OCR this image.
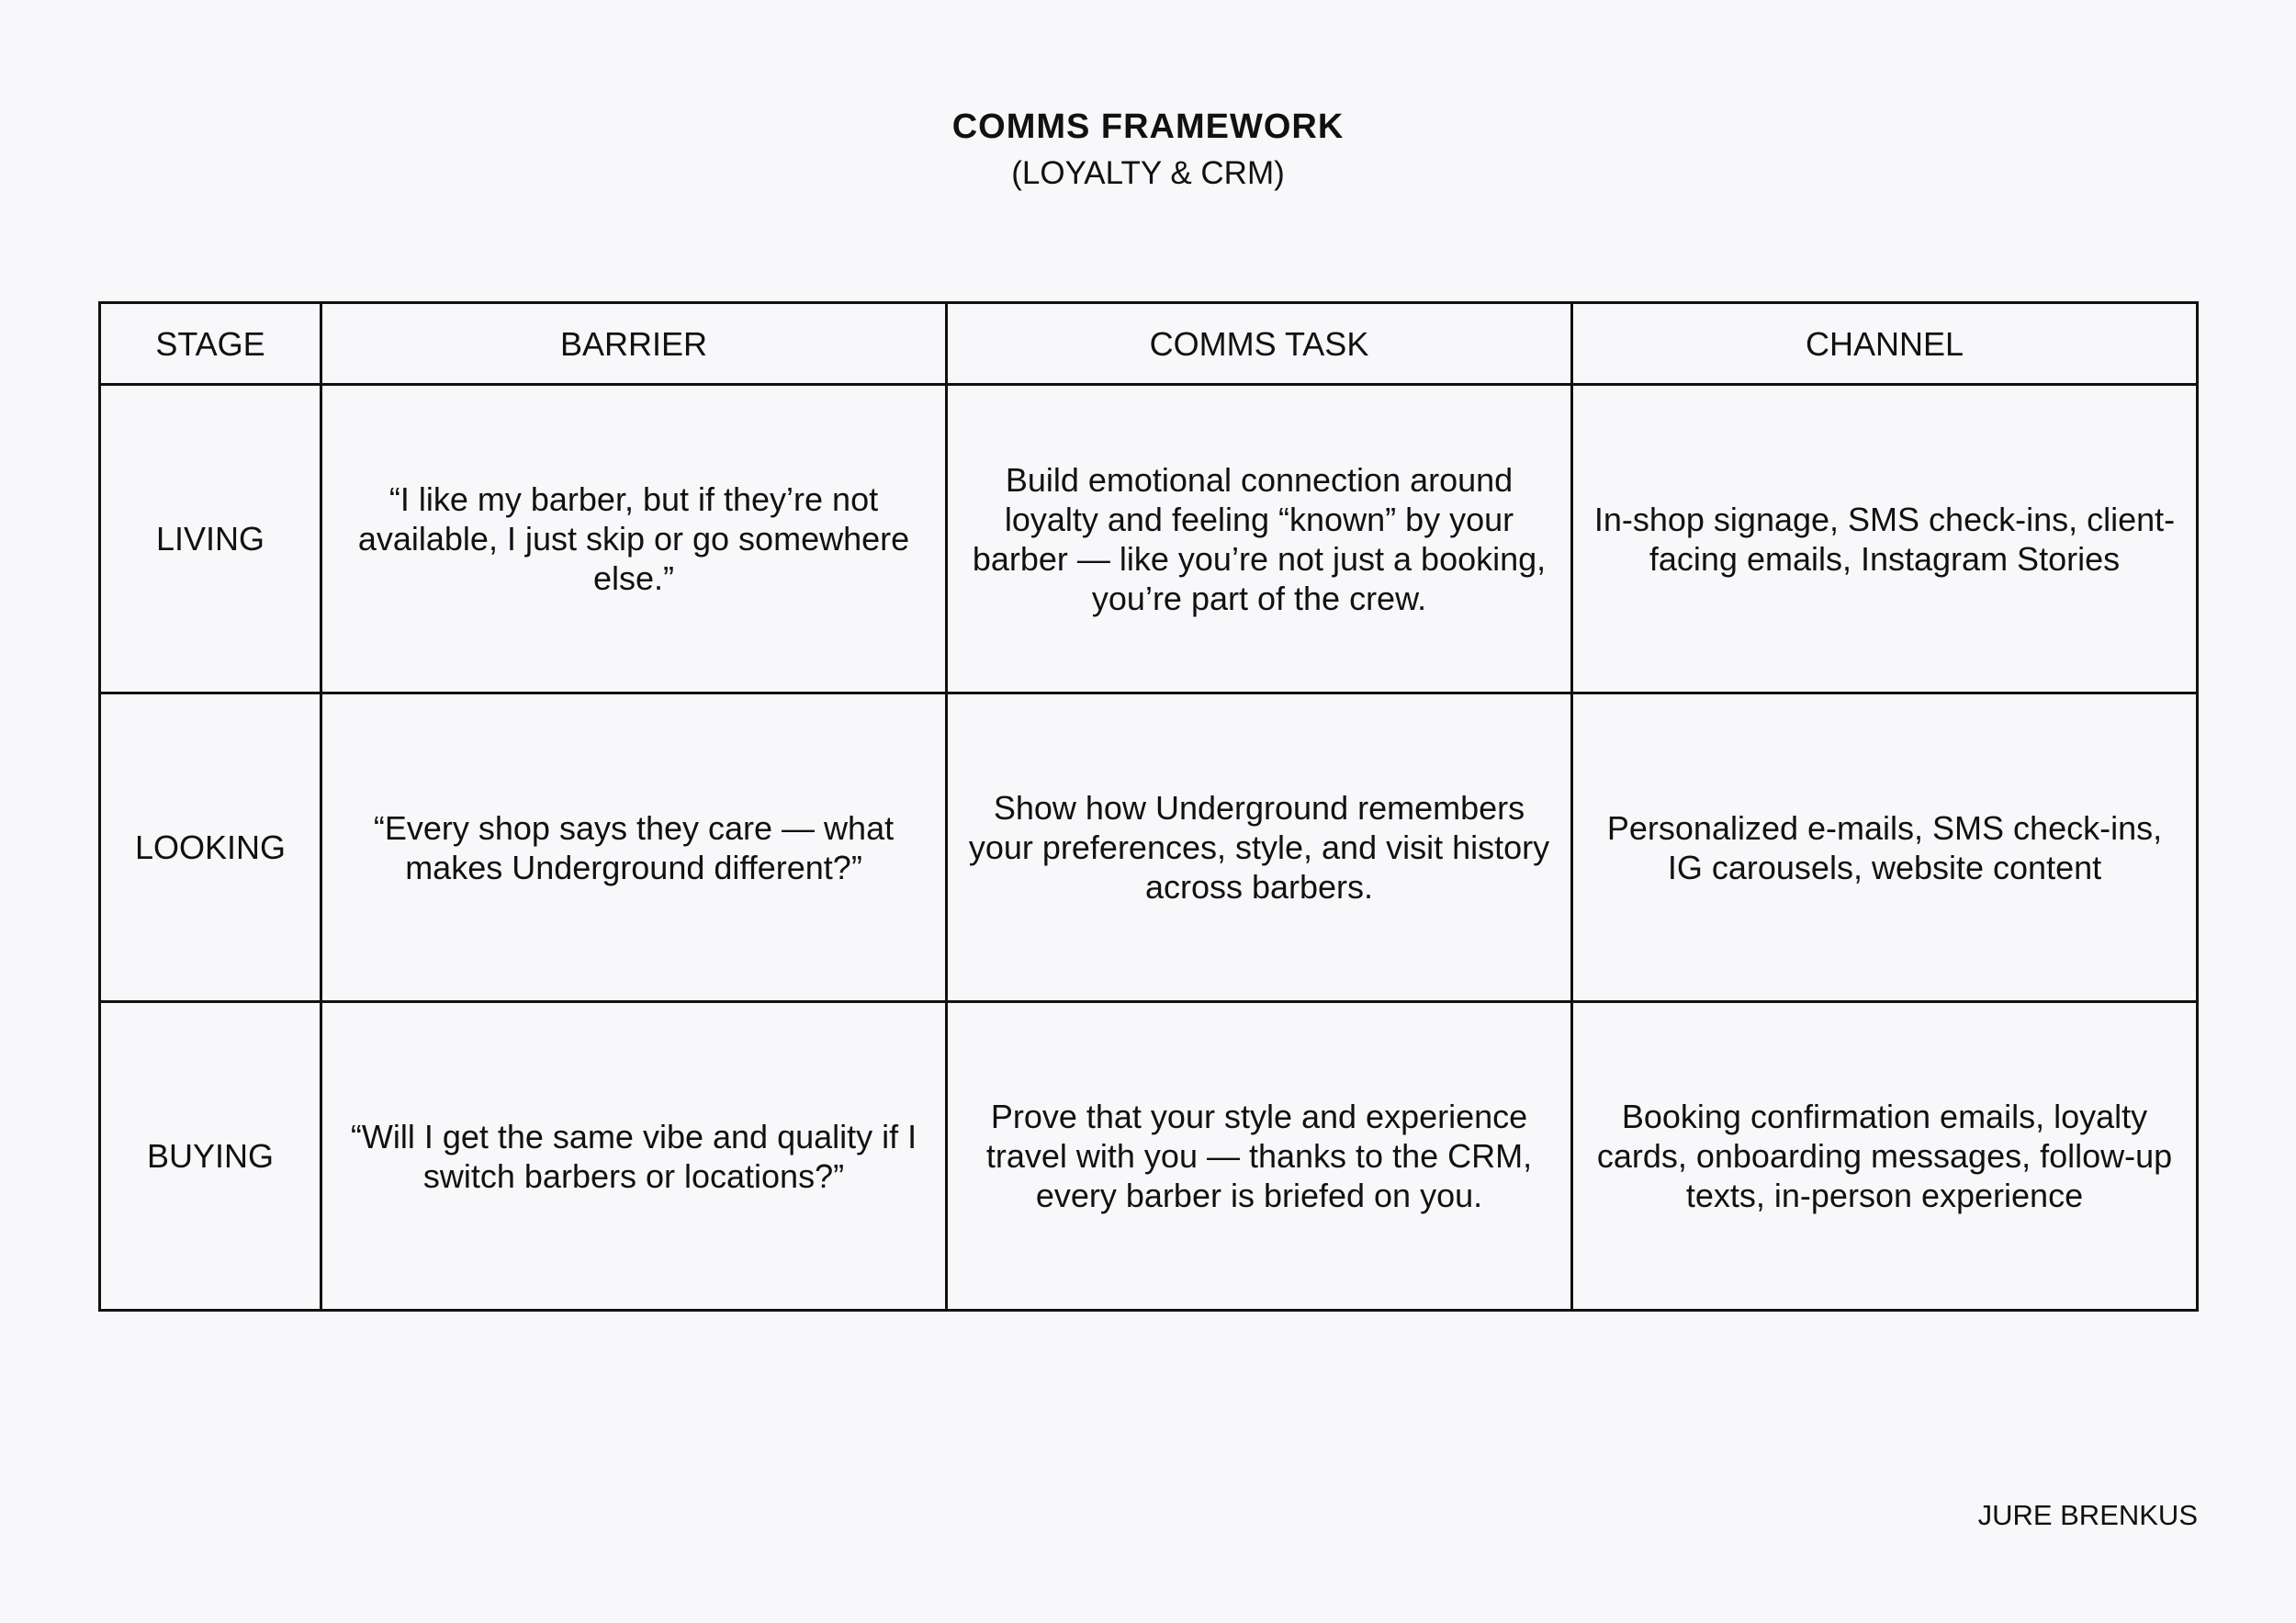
COMMS FRAMEWORK
(LOYALTY & CRM)
STAGE	BARRIER	COMMS TASK	CHANNEL
LIVING	“I like my barber, but if they’re not available, I just skip or go somewhere else.”	Build emotional connection around loyalty and feeling “known” by your barber — like you’re not just a booking, you’re part of the crew.	In-shop signage, SMS check-ins, client-facing emails, Instagram Stories
LOOKING	“Every shop says they care — what makes Underground different?”	Show how Underground remembers your preferences, style, and visit history across barbers.	Personalized e-mails, SMS check-ins, IG carousels, website content
BUYING	“Will I get the same vibe and quality if I switch barbers or locations?”	Prove that your style and experience travel with you — thanks to the CRM, every barber is briefed on you.	Booking confirmation emails, loyalty cards, onboarding messages, follow-up texts, in-person experience
JURE BRENKUS
